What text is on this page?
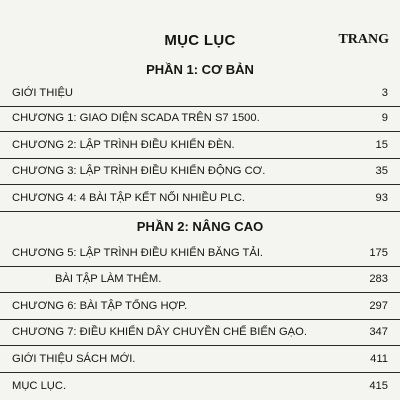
MỤC LỤC	TRANG
PHẦN 1: CƠ BẢN
GIỚI THIỆU	3
CHƯƠNG 1: GIAO DIỆN SCADA TRÊN S7 1500.	9
CHƯƠNG 2: LẬP TRÌNH ĐIỀU KHIỂN ĐÈN.	15
CHƯƠNG 3: LẬP TRÌNH ĐIỀU KHIỂN ĐỘNG CƠ.	35
CHƯƠNG 4: 4 BÀI TẬP KẾT NỐI NHIỀU PLC.	93
PHẦN 2: NÂNG CAO
CHƯƠNG 5: LẬP TRÌNH ĐIỀU KHIỂN BĂNG TẢI.	175
BÀI TẬP LÀM THÊM.	283
CHƯƠNG 6: BÀI TẬP TỔNG HỢP.	297
CHƯƠNG 7: ĐIỀU KHIỂN DÂY CHUYỀN CHẾ BIẾN GẠO.	347
GIỚI THIỆU SÁCH MỚI.	411
MỤC LỤC.	415
